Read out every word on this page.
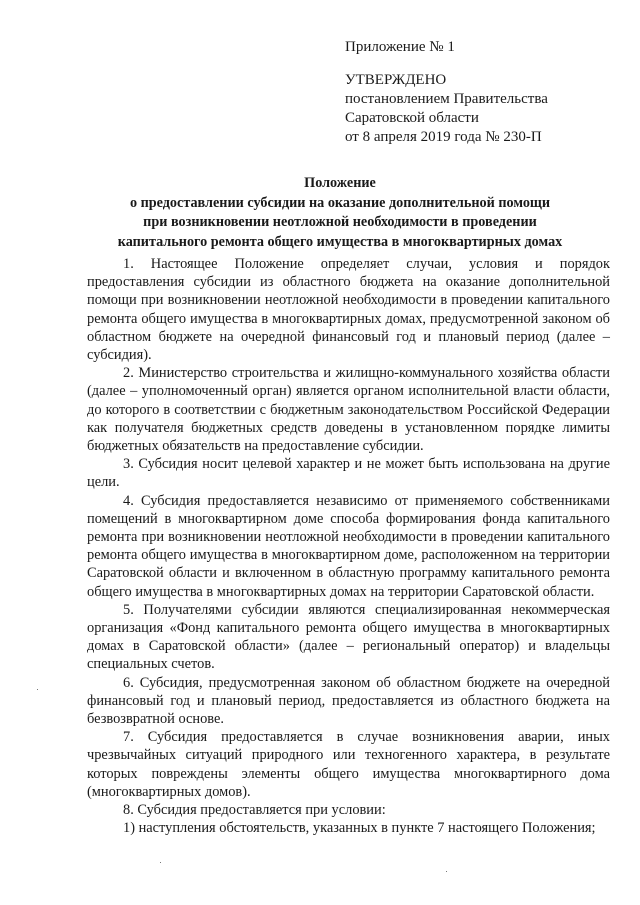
Приложение № 1
УТВЕРЖДЕНО
постановлением Правительства
Саратовской области
от 8 апреля 2019 года № 230-П
Положение
о предоставлении субсидии на оказание дополнительной помощи
при возникновении неотложной необходимости в проведении
капитального ремонта общего имущества в многоквартирных домах

1. Настоящее Положение определяет случаи, условия и порядок предоставления субсидии из областного бюджета на оказание дополнительной помощи при возникновении неотложной необходимости в проведении капитального ремонта общего имущества в многоквартирных домах, предусмотренной законом об областном бюджете на очередной финансовый год и плановый период (далее – субсидия).

2. Министерство строительства и жилищно-коммунального хозяйства области (далее – уполномоченный орган) является органом исполнительной власти области, до которого в соответствии с бюджетным законодательством Российской Федерации как получателя бюджетных средств доведены в установленном порядке лимиты бюджетных обязательств на предоставление субсидии.

3. Субсидия носит целевой характер и не может быть использована на другие цели.

4. Субсидия предоставляется независимо от применяемого собственниками помещений в многоквартирном доме способа формирования фонда капитального ремонта при возникновении неотложной необходимости в проведении капитального ремонта общего имущества в многоквартирном доме, расположенном на территории Саратовской области и включенном в областную программу капитального ремонта общего имущества в многоквартирных домах на территории Саратовской области.

5. Получателями субсидии являются специализированная некоммерческая организация «Фонд капитального ремонта общего имущества в многоквартирных домах в Саратовской области» (далее – региональный оператор) и владельцы специальных счетов.

6. Субсидия, предусмотренная законом об областном бюджете на очередной финансовый год и плановый период, предоставляется из областного бюджета на безвозвратной основе.

7. Субсидия предоставляется в случае возникновения аварии, иных чрезвычайных ситуаций природного или техногенного характера, в результате которых повреждены элементы общего имущества многоквартирного дома (многоквартирных домов).

8. Субсидия предоставляется при условии:

1) наступления обстоятельств, указанных в пункте 7 настоящего Положения;
